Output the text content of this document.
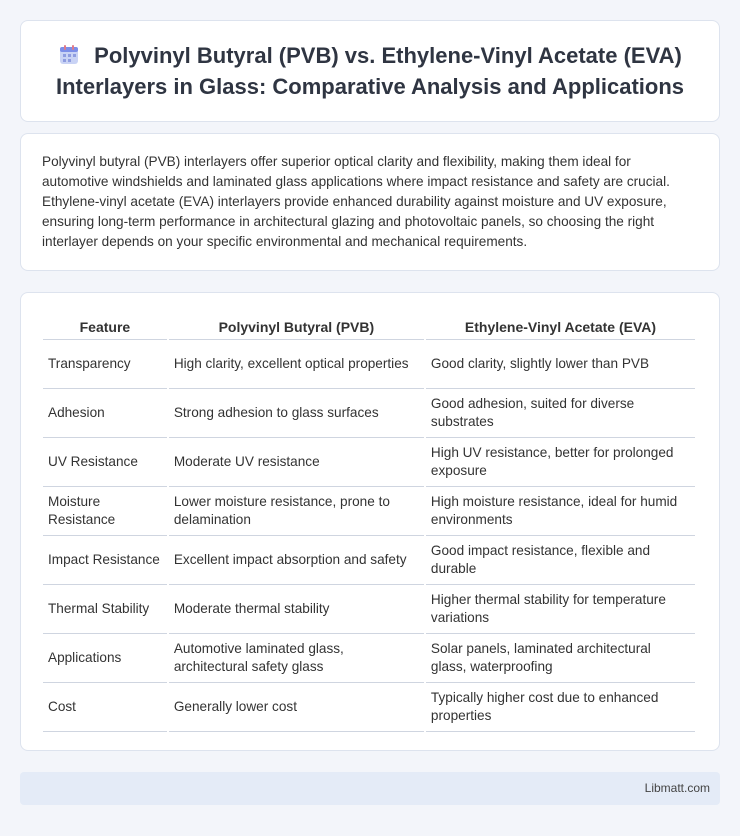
Polyvinyl Butyral (PVB) vs. Ethylene-Vinyl Acetate (EVA) Interlayers in Glass: Comparative Analysis and Applications

Polyvinyl butyral (PVB) interlayers offer superior optical clarity and flexibility, making them ideal for automotive windshields and laminated glass applications where impact resistance and safety are crucial. Ethylene-vinyl acetate (EVA) interlayers provide enhanced durability against moisture and UV exposure, ensuring long-term performance in architectural glazing and photovoltaic panels, so choosing the right interlayer depends on your specific environmental and mechanical requirements.

Feature	Polyvinyl Butyral (PVB)	Ethylene-Vinyl Acetate (EVA)
Transparency	High clarity, excellent optical properties	Good clarity, slightly lower than PVB
Adhesion	Strong adhesion to glass surfaces	Good adhesion, suited for diverse substrates
UV Resistance	Moderate UV resistance	High UV resistance, better for prolonged exposure
Moisture Resistance	Lower moisture resistance, prone to delamination	High moisture resistance, ideal for humid environments
Impact Resistance	Excellent impact absorption and safety	Good impact resistance, flexible and durable
Thermal Stability	Moderate thermal stability	Higher thermal stability for temperature variations
Applications	Automotive laminated glass, architectural safety glass	Solar panels, laminated architectural glass, waterproofing
Cost	Generally lower cost	Typically higher cost due to enhanced properties
Libmatt.com
